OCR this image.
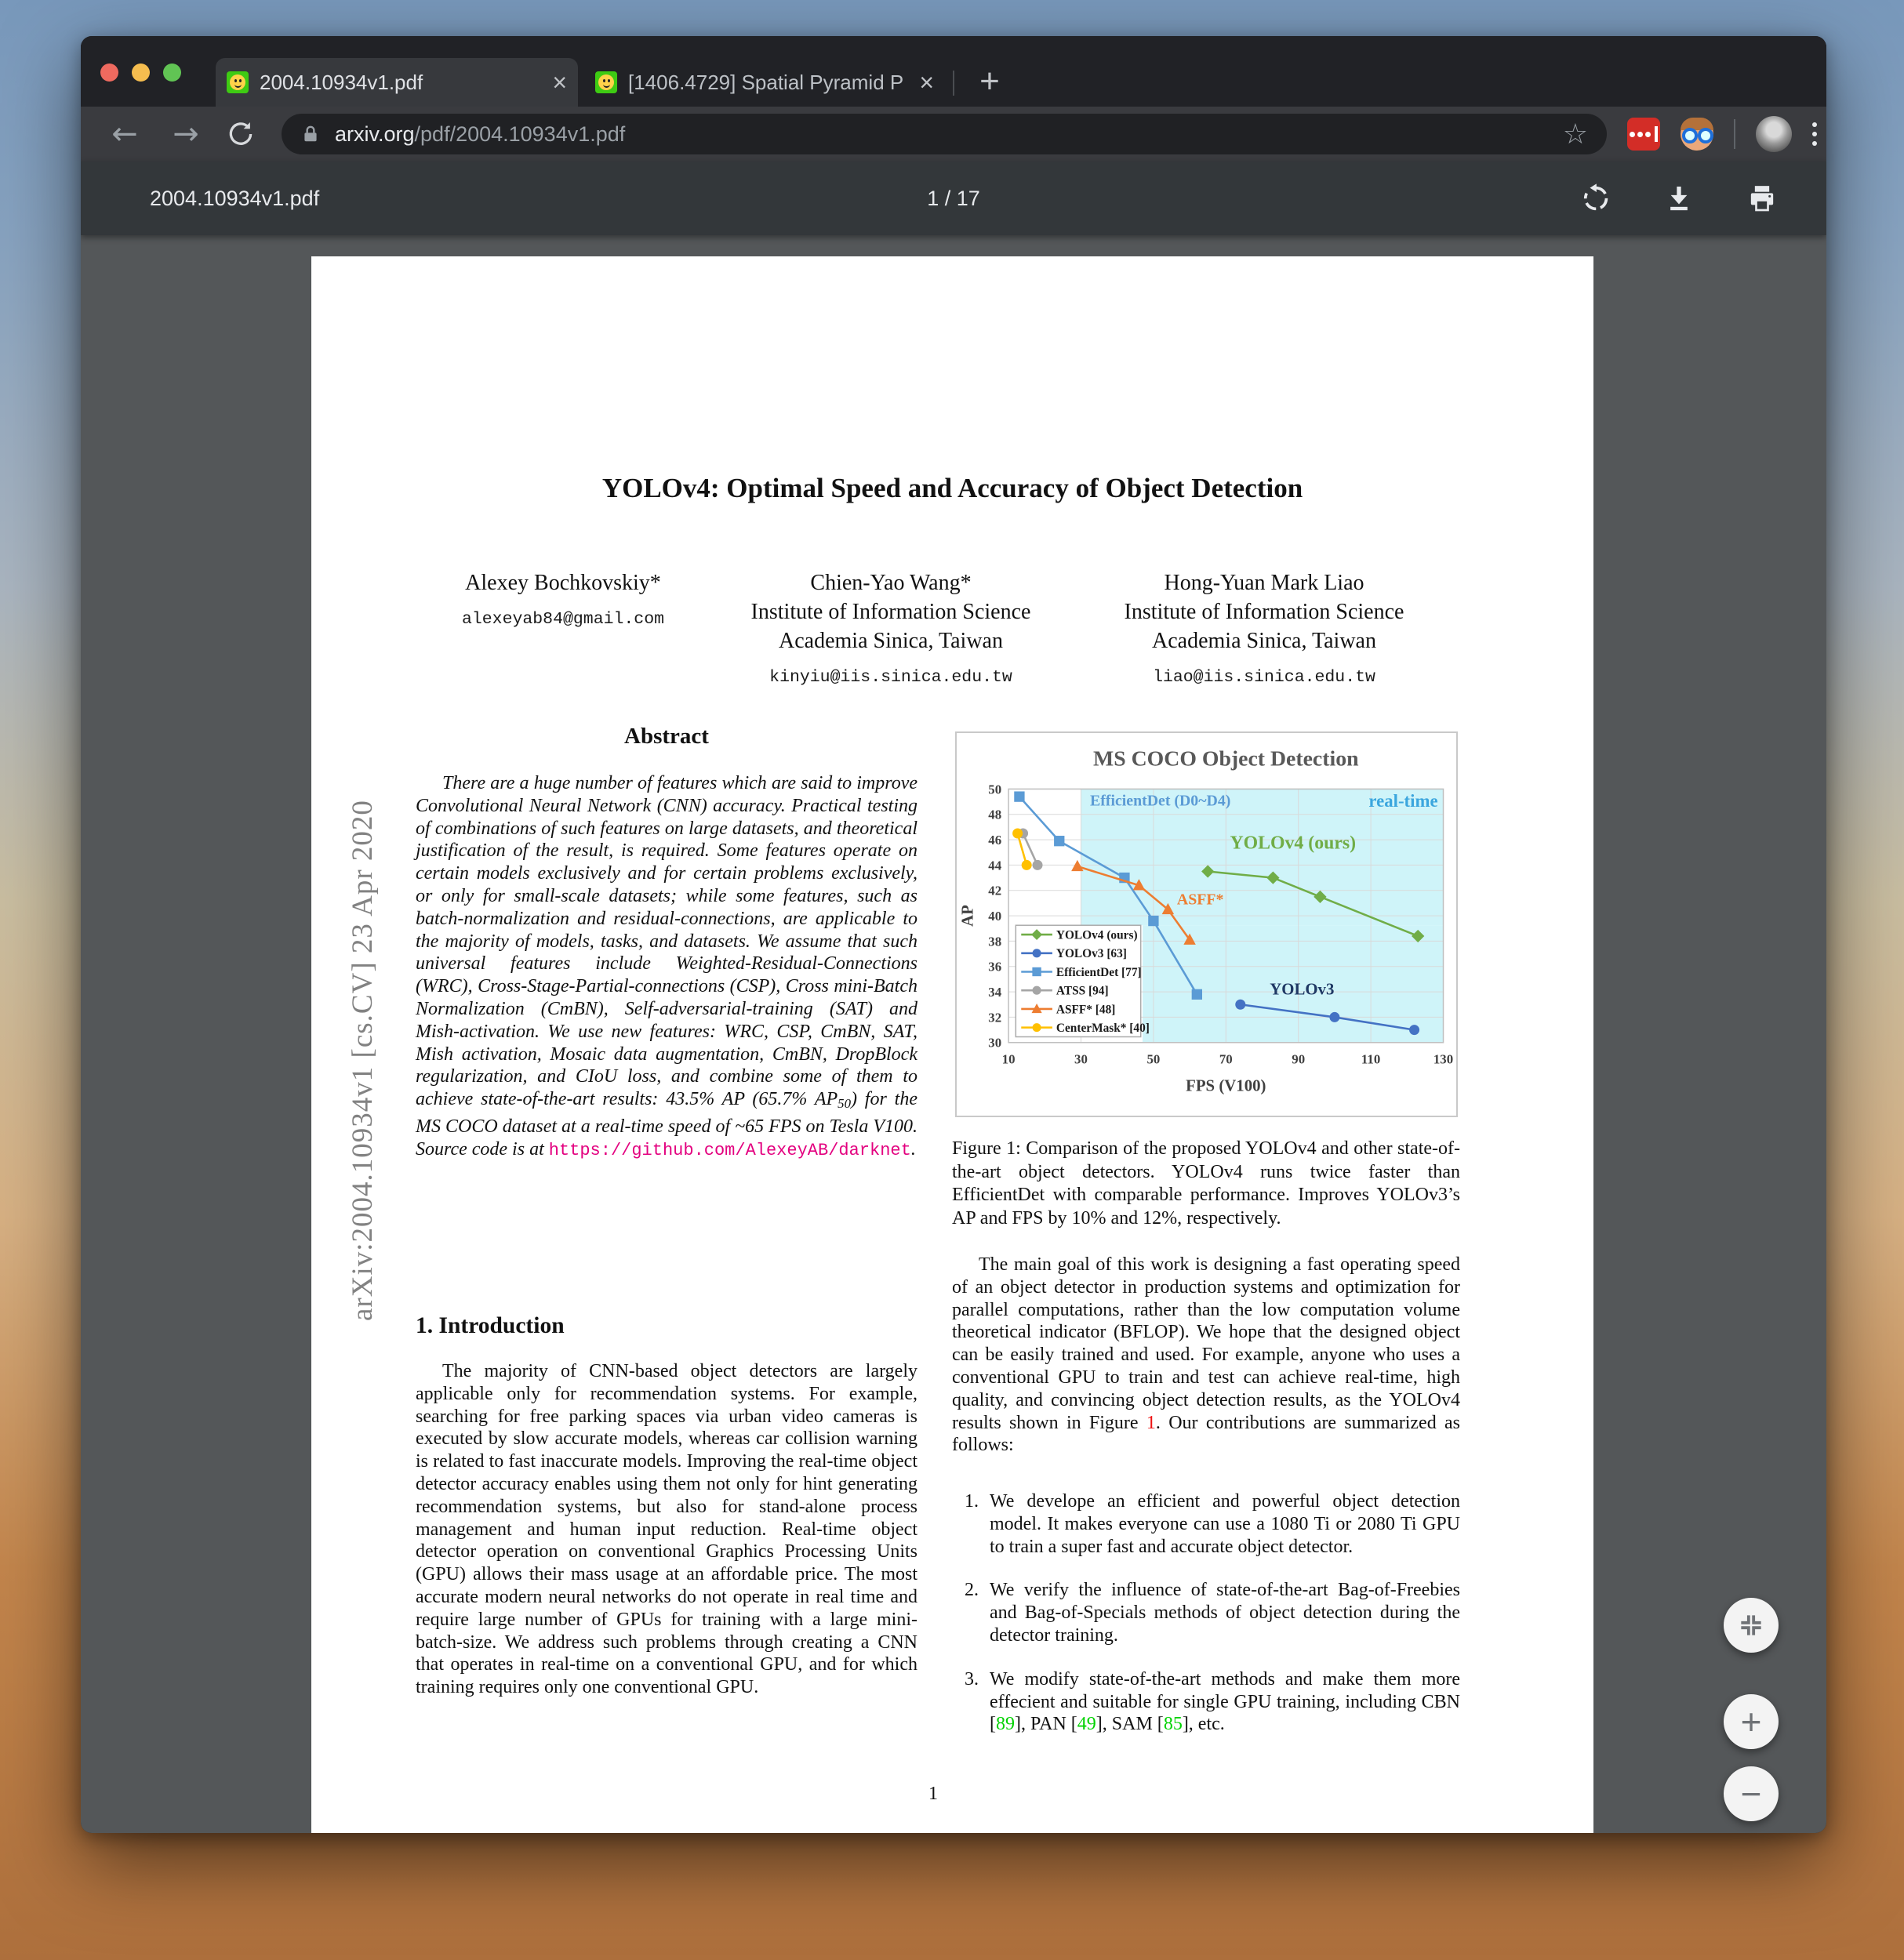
2004.10934v1.pdf	×	[1406.4729] Spatial Pyramid P × +
← →	arxiv.org/pdf/2004.10934v1.pdf	☆
2004.10934v1.pdf	1 / 17
arXiv:2004.10934v1 [cs.CV] 23 Apr 2020
YOLOv4: Optimal Speed and Accuracy of Object Detection
Alexey Bochkovskiy*
alexeyab84@gmail.com
Chien-Yao Wang*
Institute of Information Science
Academia Sinica, Taiwan
kinyiu@iis.sinica.edu.tw
Hong-Yuan Mark Liao
Institute of Information Science
Academia Sinica, Taiwan
liao@iis.sinica.edu.tw
Abstract
There are a huge number of features which are said to improve Convolutional Neural Network (CNN) accuracy. Practical testing of combinations of such features on large datasets, and theoretical justification of the result, is required. Some features operate on certain models exclusively and for certain problems exclusively, or only for small-scale datasets; while some features, such as batch-normalization and residual-connections, are applicable to the majority of models, tasks, and datasets. We assume that such universal features include Weighted-Residual-Connections (WRC), Cross-Stage-Partial-connections (CSP), Cross mini-Batch Normalization (CmBN), Self-adversarial-training (SAT) and Mish-activation. We use new features: WRC, CSP, CmBN, SAT, Mish activation, Mosaic data augmentation, CmBN, DropBlock regularization, and CIoU loss, and combine some of them to achieve state-of-the-art results: 43.5% AP (65.7% $AP_{50}$) for the MS COCO dataset at a real-time speed of ~65 FPS on Tesla V100. Source code is at https://github.com/AlexeyAB/darknet.
1. Introduction
The majority of CNN-based object detectors are largely applicable only for recommendation systems. For example, searching for free parking spaces via urban video cameras is executed by slow accurate models, whereas car collision warning is related to fast inaccurate models. Improving the real-time object detector accuracy enables using them not only for hint generating recommendation systems, but also for stand-alone process management and human input reduction. Real-time object detector operation on conventional Graphics Processing Units (GPU) allows their mass usage at an affordable price. The most accurate modern neural networks do not operate in real time and require large number of GPUs for training with a large mini-batch-size. We address such problems through creating a CNN that operates in real-time on a conventional GPU, and for which training requires only one conventional GPU.
30
32
34
36
38
40
42
44
46
48
50
10	30	50	70	90	110	130
MS COCO Object Detection
FPS (V100)
AP
EfficientDet (D0~D4)	real-time
YOLOv4 (ours)
ASFF*
YOLOv3
YOLOv4 (ours)
YOLOv3 [63]
EfficientDet [77]
ATSS [94]
ASFF* [48]
CenterMask* [40]
Figure 1: Comparison of the proposed YOLOv4 and other state-of-the-art object detectors. YOLOv4 runs twice faster than EfficientDet with comparable performance. Improves YOLOv3’s AP and FPS by 10% and 12%, respectively.
The main goal of this work is designing a fast operating speed of an object detector in production systems and optimization for parallel computations, rather than the low computation volume theoretical indicator (BFLOP). We hope that the designed object can be easily trained and used. For example, anyone who uses a conventional GPU to train and test can achieve real-time, high quality, and convincing object detection results, as the YOLOv4 results shown in Figure 1. Our contributions are summarized as follows:
1. We develope an efficient and powerful object detection model. It makes everyone can use a 1080 Ti or 2080 Ti GPU to train a super fast and accurate object detector.
2. We verify the influence of state-of-the-art Bag-of-Freebies and Bag-of-Specials methods of object detection during the detector training.
3. We modify state-of-the-art methods and make them more effecient and suitable for single GPU training, including CBN [89], PAN [49], SAM [85], etc.
1
+
−
